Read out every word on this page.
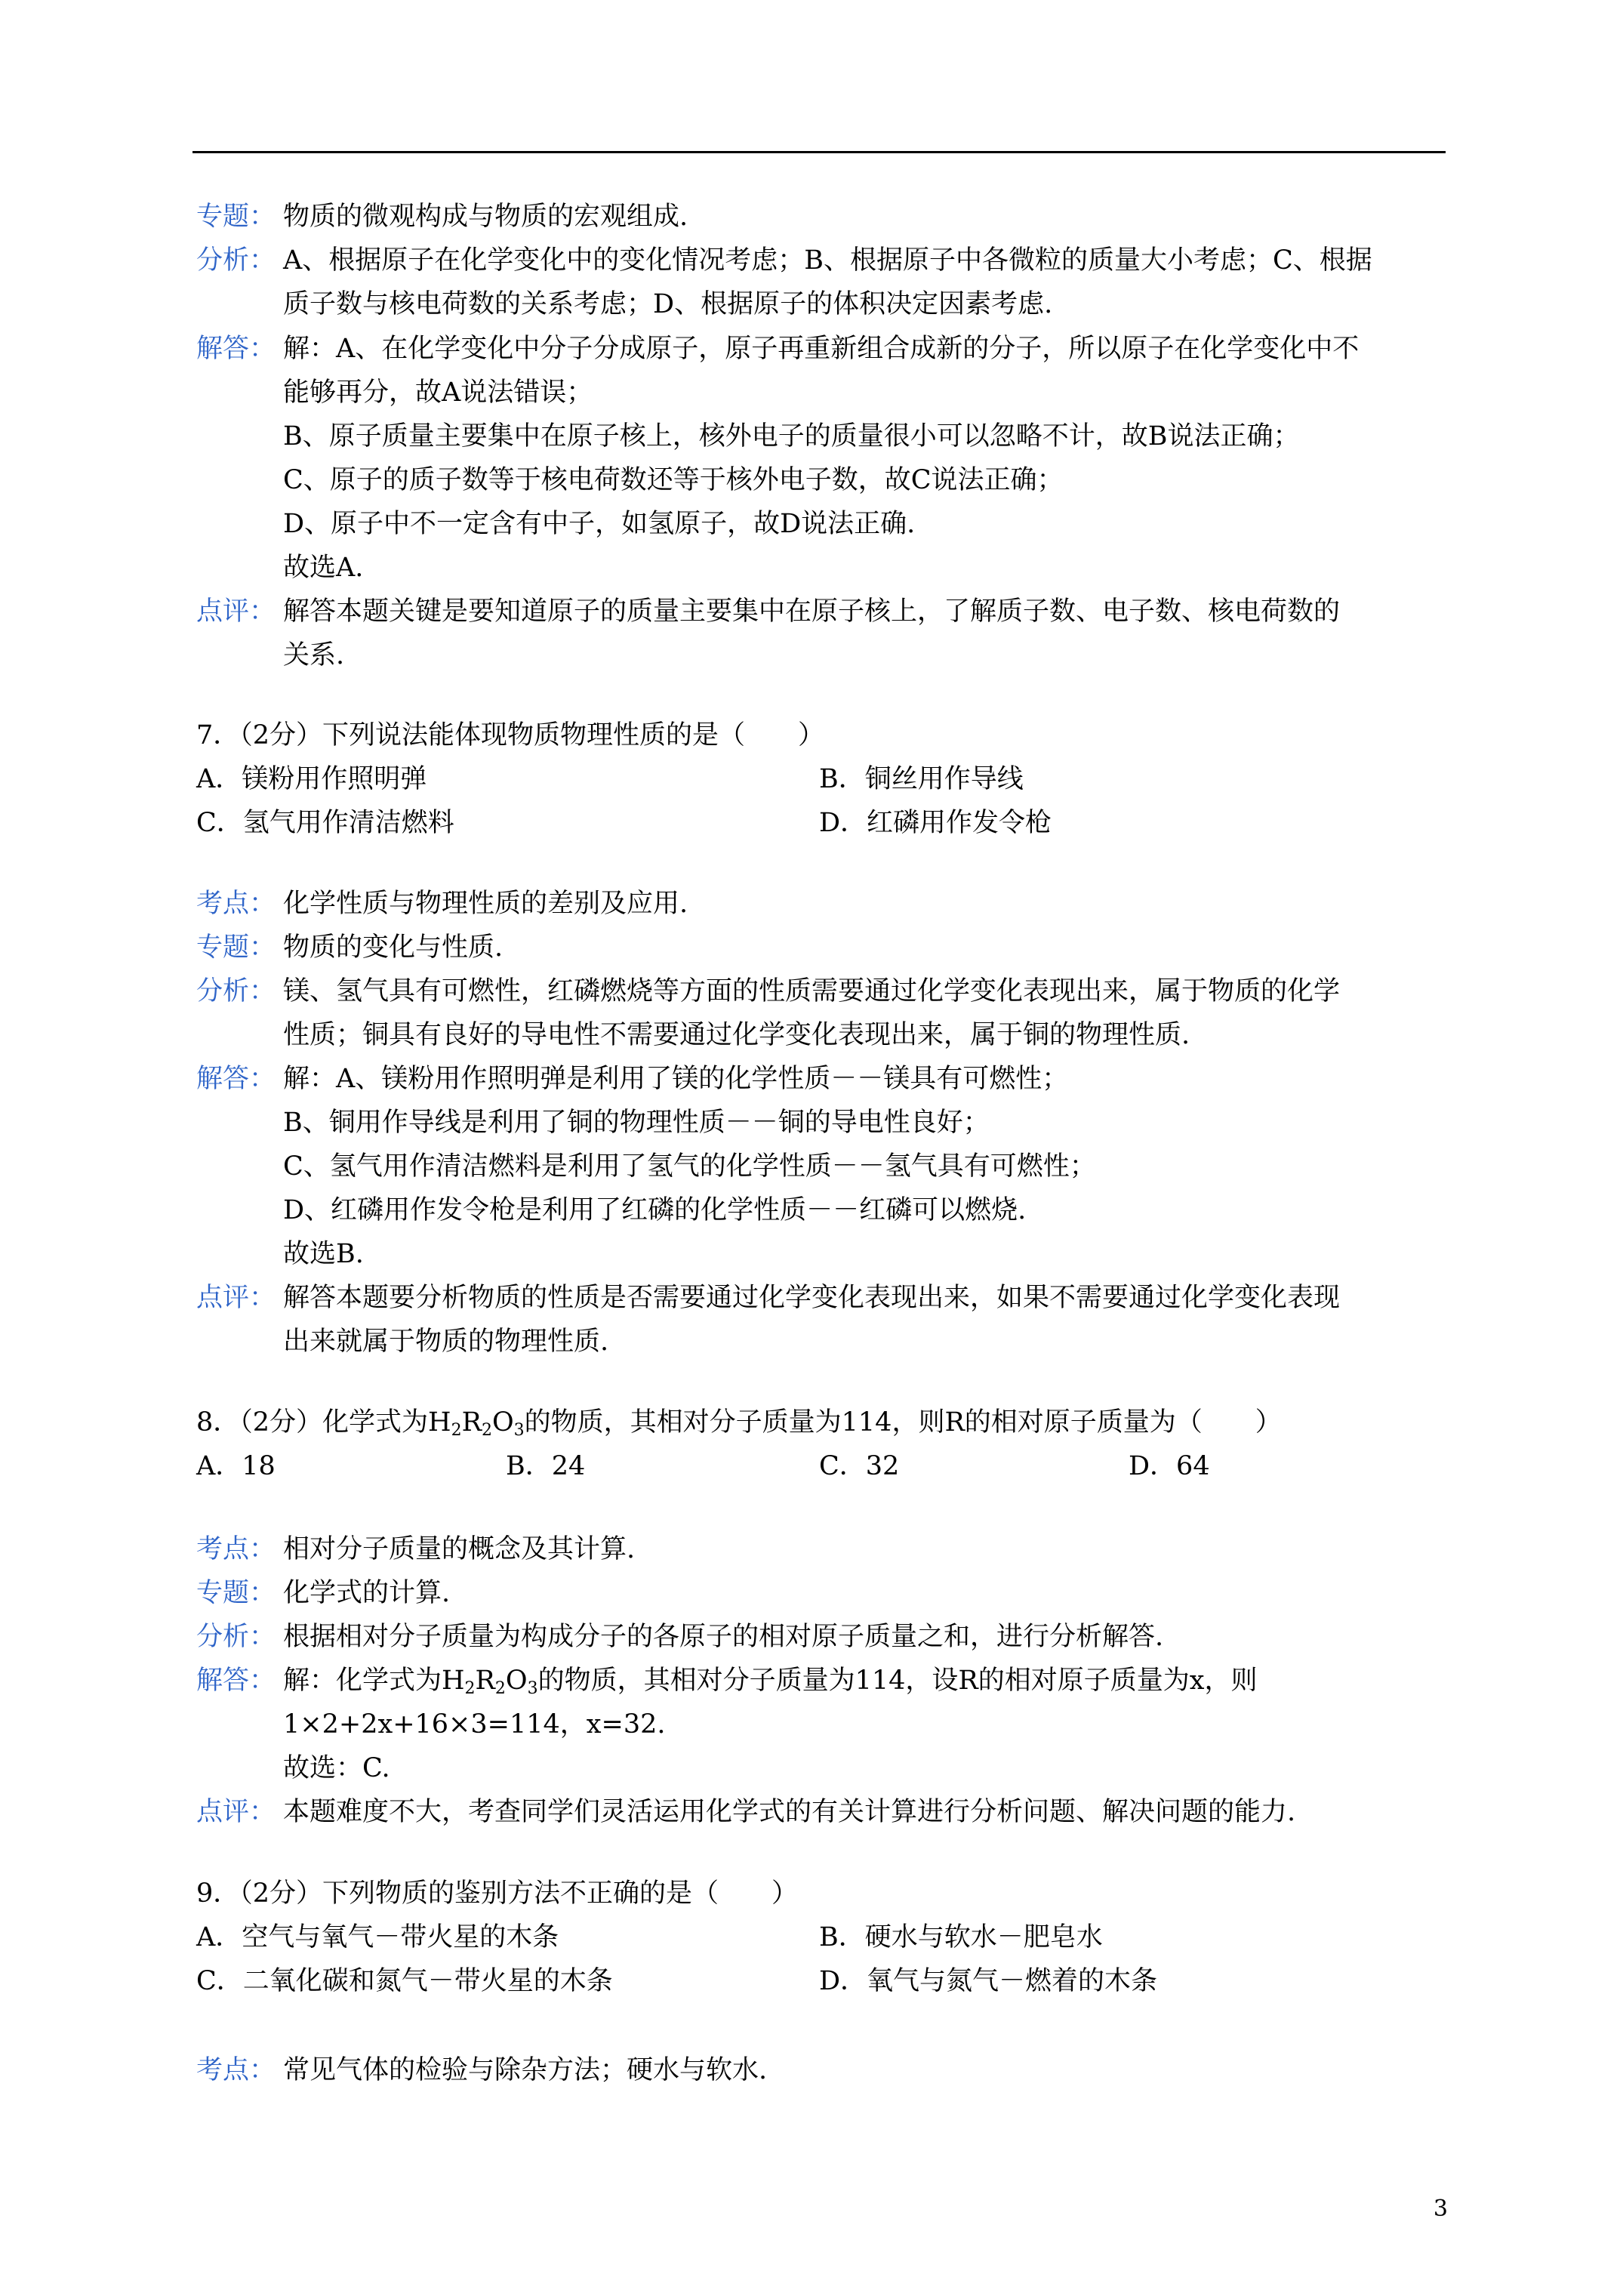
专题： 物质的微观构成与物质的宏观组成.
分析： A、根据原子在化学变化中的变化情况考虑；B、根据原子中各微粒的质量大小考虑；C、根据
质子数与核电荷数的关系考虑；D、根据原子的体积决定因素考虑.
解答： 解：A、在化学变化中分子分成原子，原子再重新组合成新的分子，所以原子在化学变化中不
能够再分，故A说法错误；
B、原子质量主要集中在原子核上，核外电子的质量很小可以忽略不计，故B说法正确；
C、原子的质子数等于核电荷数还等于核外电子数，故C说法正确；
D、原子中不一定含有中子，如氢原子，故D说法正确.
故选A.
点评： 解答本题关键是要知道原子的质量主要集中在原子核上，了解质子数、电子数、核电荷数的
关系.
7．（2分）下列说法能体现物质物理性质的是（　　）
A．镁粉用作照明弹	B．铜丝用作导线
C．氢气用作清洁燃料	D．红磷用作发令枪
考点： 化学性质与物理性质的差别及应用.
专题： 物质的变化与性质.
分析： 镁、氢气具有可燃性，红磷燃烧等方面的性质需要通过化学变化表现出来，属于物质的化学
性质；铜具有良好的导电性不需要通过化学变化表现出来，属于铜的物理性质.
解答： 解：A、镁粉用作照明弹是利用了镁的化学性质－－镁具有可燃性；
B、铜用作导线是利用了铜的物理性质－－铜的导电性良好；
C、氢气用作清洁燃料是利用了氢气的化学性质－－氢气具有可燃性；
D、红磷用作发令枪是利用了红磷的化学性质－－红磷可以燃烧.
故选B.
点评： 解答本题要分析物质的性质是否需要通过化学变化表现出来，如果不需要通过化学变化表现
出来就属于物质的物理性质.
8．（2分）化学式为$H_2R_2O_3$的物质，其相对分子质量为114，则R的相对原子质量为（　　）
A．18	B．24	C．32	D．64
考点： 相对分子质量的概念及其计算.
专题： 化学式的计算.
分析： 根据相对分子质量为构成分子的各原子的相对原子质量之和，进行分析解答.
解答： 解：化学式为$H_2R_2O_3$的物质，其相对分子质量为114，设R的相对原子质量为x，则
1×2+2x+16×3=114，x=32.
故选：C.
点评： 本题难度不大，考查同学们灵活运用化学式的有关计算进行分析问题、解决问题的能力.
9．（2分）下列物质的鉴别方法不正确的是（　　）
A．空气与氧气－带火星的木条	B．硬水与软水－肥皂水
C．二氧化碳和氮气－带火星的木条	D．氧气与氮气－燃着的木条
考点： 常见气体的检验与除杂方法；硬水与软水.
3
